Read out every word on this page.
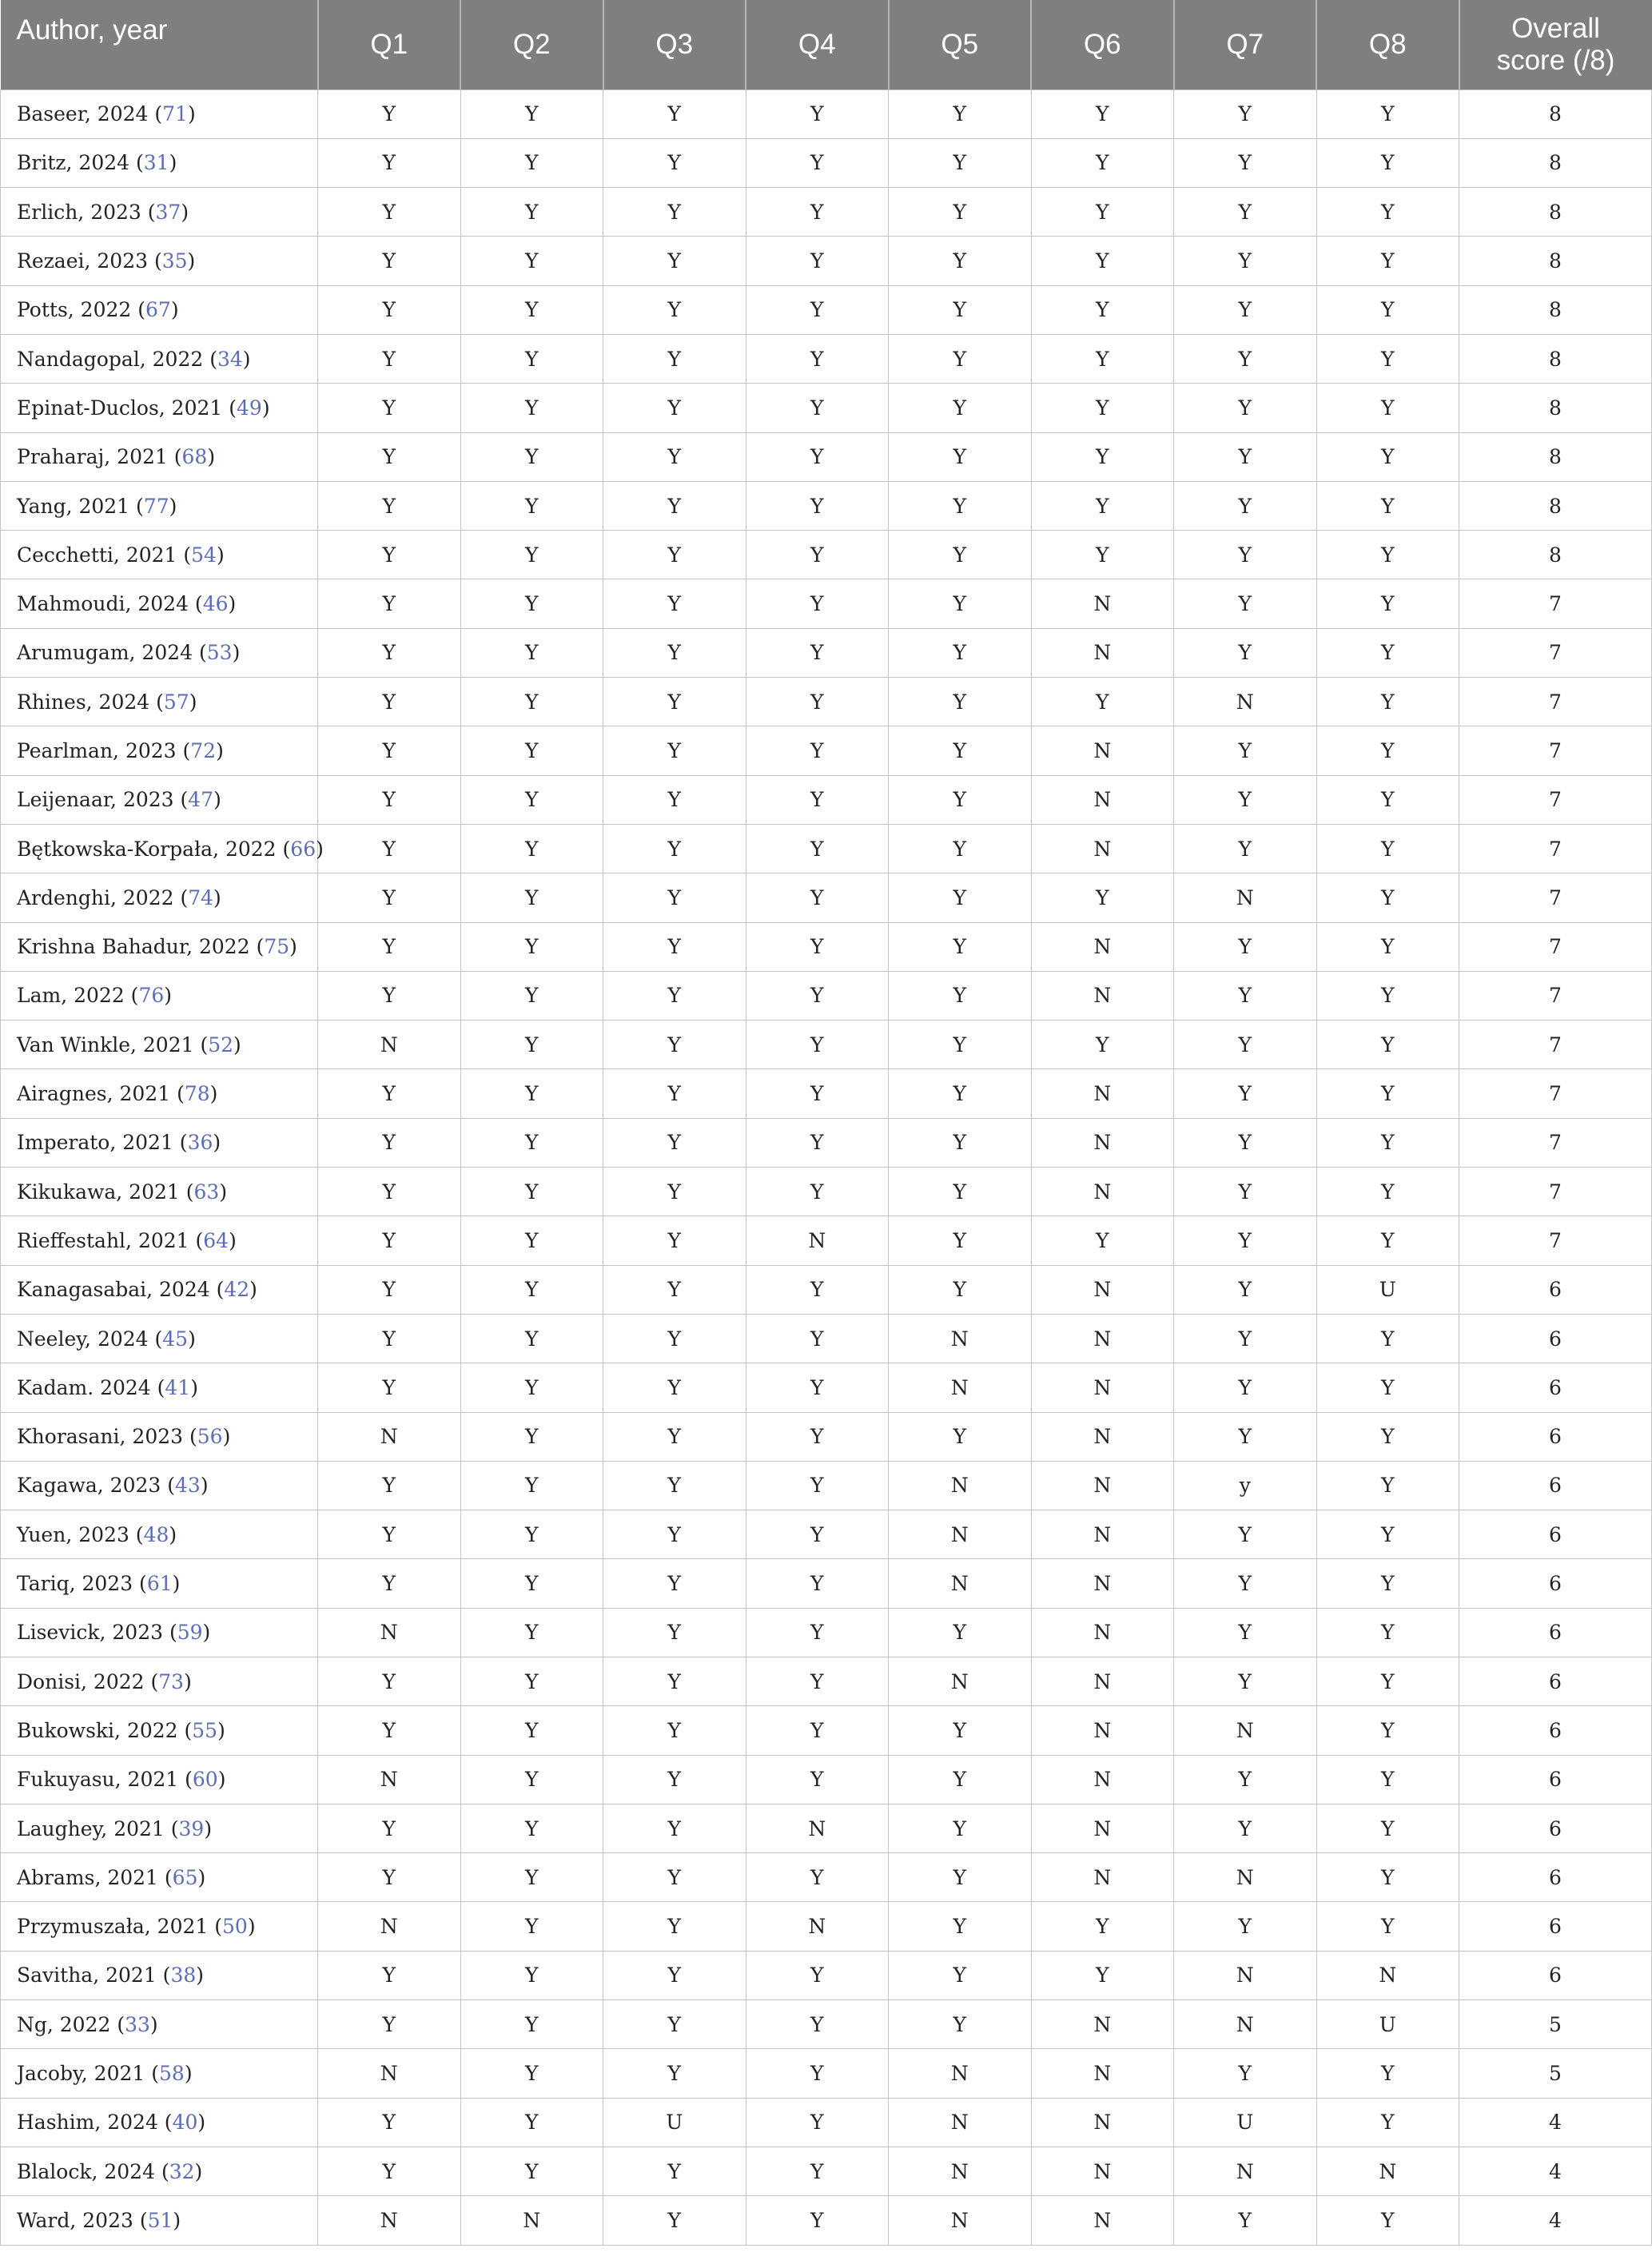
Author, year	Q1	Q2	Q3	Q4	Q5	Q6	Q7	Q8	Overall
score (/8)
Baseer, 2024 (71)	Y	Y	Y	Y	Y	Y	Y	Y	8
Britz, 2024 (31)	Y	Y	Y	Y	Y	Y	Y	Y	8
Erlich, 2023 (37)	Y	Y	Y	Y	Y	Y	Y	Y	8
Rezaei, 2023 (35)	Y	Y	Y	Y	Y	Y	Y	Y	8
Potts, 2022 (67)	Y	Y	Y	Y	Y	Y	Y	Y	8
Nandagopal, 2022 (34)	Y	Y	Y	Y	Y	Y	Y	Y	8
Epinat-Duclos, 2021 (49)	Y	Y	Y	Y	Y	Y	Y	Y	8
Praharaj, 2021 (68)	Y	Y	Y	Y	Y	Y	Y	Y	8
Yang, 2021 (77)	Y	Y	Y	Y	Y	Y	Y	Y	8
Cecchetti, 2021 (54)	Y	Y	Y	Y	Y	Y	Y	Y	8
Mahmoudi, 2024 (46)	Y	Y	Y	Y	Y	N	Y	Y	7
Arumugam, 2024 (53)	Y	Y	Y	Y	Y	N	Y	Y	7
Rhines, 2024 (57)	Y	Y	Y	Y	Y	Y	N	Y	7
Pearlman, 2023 (72)	Y	Y	Y	Y	Y	N	Y	Y	7
Leijenaar, 2023 (47)	Y	Y	Y	Y	Y	N	Y	Y	7
Bętkowska-Korpała, 2022 (66)	Y	Y	Y	Y	Y	N	Y	Y	7
Ardenghi, 2022 (74)	Y	Y	Y	Y	Y	Y	N	Y	7
Krishna Bahadur, 2022 (75)	Y	Y	Y	Y	Y	N	Y	Y	7
Lam, 2022 (76)	Y	Y	Y	Y	Y	N	Y	Y	7
Van Winkle, 2021 (52)	N	Y	Y	Y	Y	Y	Y	Y	7
Airagnes, 2021 (78)	Y	Y	Y	Y	Y	N	Y	Y	7
Imperato, 2021 (36)	Y	Y	Y	Y	Y	N	Y	Y	7
Kikukawa, 2021 (63)	Y	Y	Y	Y	Y	N	Y	Y	7
Rieffestahl, 2021 (64)	Y	Y	Y	N	Y	Y	Y	Y	7
Kanagasabai, 2024 (42)	Y	Y	Y	Y	Y	N	Y	U	6
Neeley, 2024 (45)	Y	Y	Y	Y	N	N	Y	Y	6
Kadam. 2024 (41)	Y	Y	Y	Y	N	N	Y	Y	6
Khorasani, 2023 (56)	N	Y	Y	Y	Y	N	Y	Y	6
Kagawa, 2023 (43)	Y	Y	Y	Y	N	N	y	Y	6
Yuen, 2023 (48)	Y	Y	Y	Y	N	N	Y	Y	6
Tariq, 2023 (61)	Y	Y	Y	Y	N	N	Y	Y	6
Lisevick, 2023 (59)	N	Y	Y	Y	Y	N	Y	Y	6
Donisi, 2022 (73)	Y	Y	Y	Y	N	N	Y	Y	6
Bukowski, 2022 (55)	Y	Y	Y	Y	Y	N	N	Y	6
Fukuyasu, 2021 (60)	N	Y	Y	Y	Y	N	Y	Y	6
Laughey, 2021 (39)	Y	Y	Y	N	Y	N	Y	Y	6
Abrams, 2021 (65)	Y	Y	Y	Y	Y	N	N	Y	6
Przymuszała, 2021 (50)	N	Y	Y	N	Y	Y	Y	Y	6
Savitha, 2021 (38)	Y	Y	Y	Y	Y	Y	N	N	6
Ng, 2022 (33)	Y	Y	Y	Y	Y	N	N	U	5
Jacoby, 2021 (58)	N	Y	Y	Y	N	N	Y	Y	5
Hashim, 2024 (40)	Y	Y	U	Y	N	N	U	Y	4
Blalock, 2024 (32)	Y	Y	Y	Y	N	N	N	N	4
Ward, 2023 (51)	N	N	Y	Y	N	N	Y	Y	4
